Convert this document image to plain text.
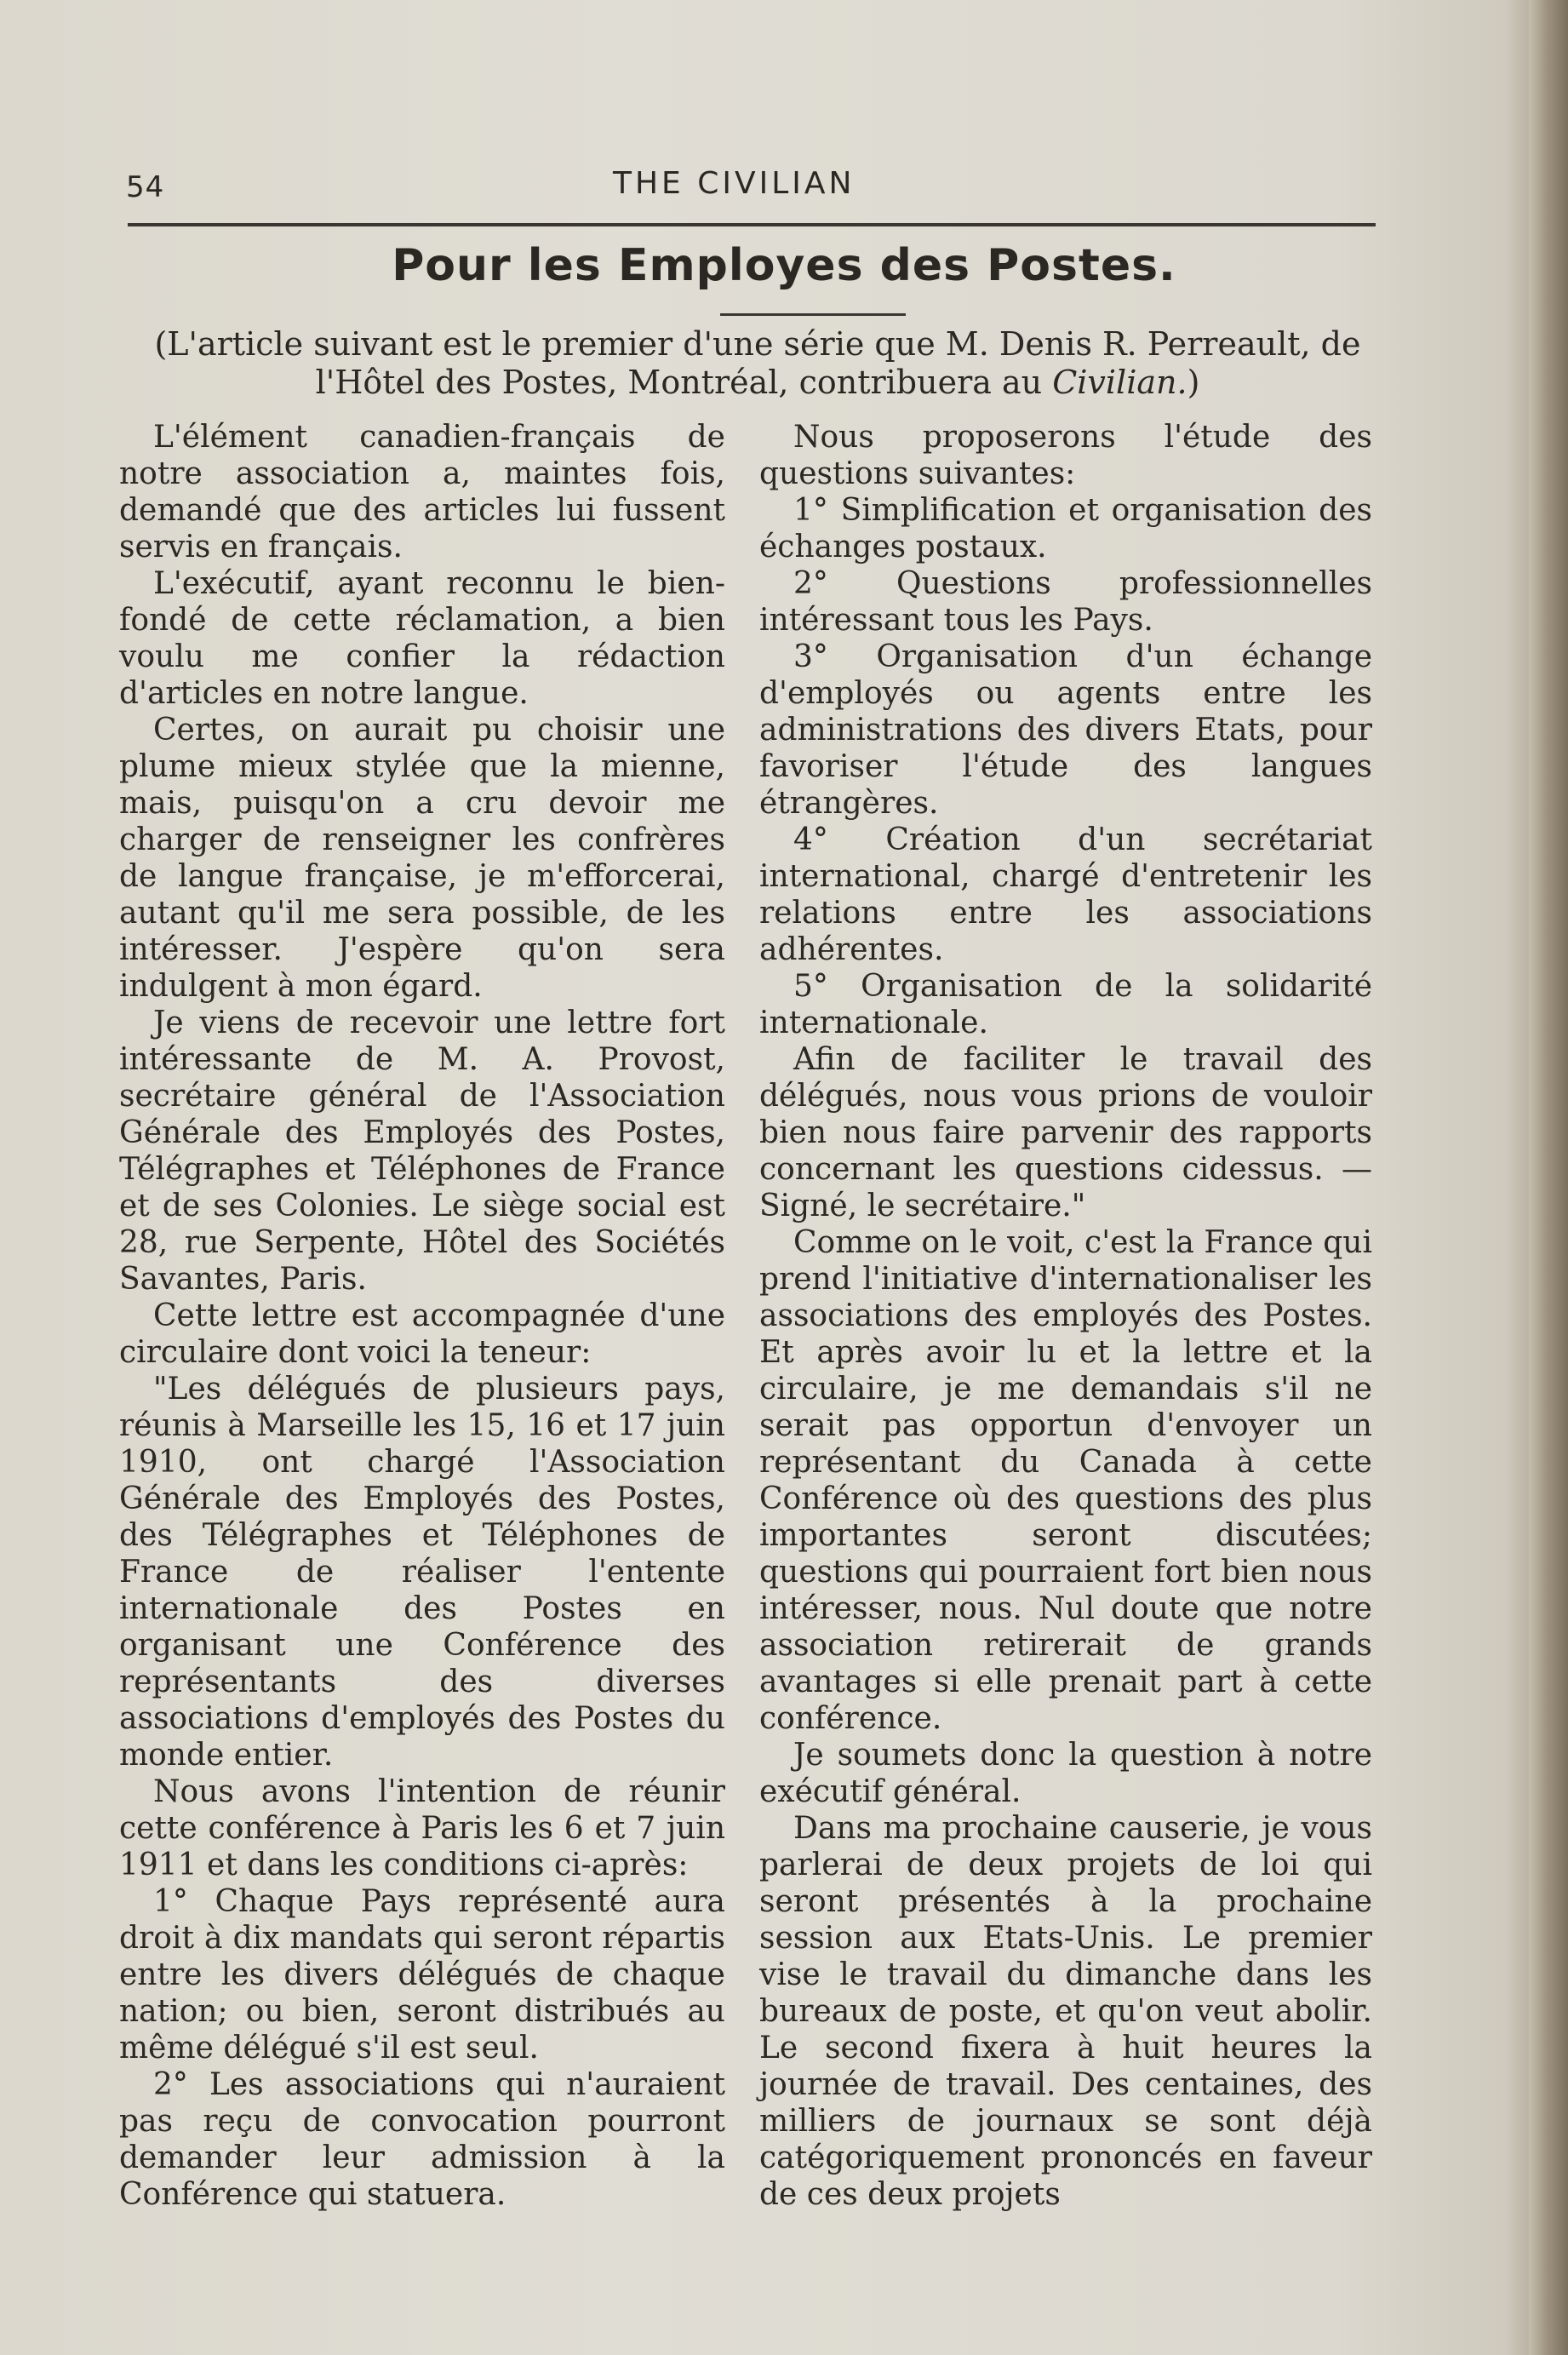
54	THE CIVILIAN
Pour les Employes des Postes.
(L'article suivant est le premier d'une série que M. Denis R. Perreault, de l'Hôtel des Postes, Montréal, contribuera au Civilian.)

L'élément canadien-français de notre association a, maintes fois, demandé que des articles lui fussent servis en français.

L'exécutif, ayant reconnu le bien-fondé de cette réclamation, a bien voulu me confier la rédaction d'articles en notre langue.

Certes, on aurait pu choisir une plume mieux stylée que la mienne, mais, puisqu'on a cru devoir me charger de renseigner les confrères de langue française, je m'efforcerai, autant qu'il me sera possible, de les intéresser. J'espère qu'on sera indulgent à mon égard.

Je viens de recevoir une lettre fort intéressante de M. A. Provost, secrétaire général de l'Association Générale des Employés des Postes, Télégraphes et Téléphones de France et de ses Colonies. Le siège social est 28, rue Serpente, Hôtel des Sociétés Savantes, Paris.

Cette lettre est accompagnée d'une circulaire dont voici la teneur:

"Les délégués de plusieurs pays, réunis à Marseille les 15, 16 et 17 juin 1910, ont chargé l'Association Générale des Employés des Postes, des Télégraphes et Téléphones de France de réaliser l'entente internationale des Postes en organisant une Conférence des représentants des diverses associations d'employés des Postes du monde entier.

Nous avons l'intention de réunir cette conférence à Paris les 6 et 7 juin 1911 et dans les conditions ci-après:

1° Chaque Pays représenté aura droit à dix mandats qui seront répartis entre les divers délégués de chaque nation; ou bien, seront distribués au même délégué s'il est seul.

2° Les associations qui n'auraient pas reçu de convocation pourront demander leur admission à la Conférence qui statuera.

Nous proposerons l'étude des questions suivantes:

1° Simplification et organisation des échanges postaux.

2° Questions professionnelles intéressant tous les Pays.

3° Organisation d'un échange d'employés ou agents entre les administrations des divers Etats, pour favoriser l'étude des langues étrangères.

4° Création d'un secrétariat international, chargé d'entretenir les relations entre les associations adhérentes.

5° Organisation de la solidarité internationale.

Afin de faciliter le travail des délégués, nous vous prions de vouloir bien nous faire parvenir des rapports concernant les questions cidessus. — Signé, le secrétaire."

Comme on le voit, c'est la France qui prend l'initiative d'internationaliser les associations des employés des Postes. Et après avoir lu et la lettre et la circulaire, je me demandais s'il ne serait pas opportun d'envoyer un représentant du Canada à cette Conférence où des questions des plus importantes seront discutées; questions qui pourraient fort bien nous intéresser, nous. Nul doute que notre association retirerait de grands avantages si elle prenait part à cette conférence.

Je soumets donc la question à notre exécutif général.

Dans ma prochaine causerie, je vous parlerai de deux projets de loi qui seront présentés à la prochaine session aux Etats-Unis. Le premier vise le travail du dimanche dans les bureaux de poste, et qu'on veut abolir. Le second fixera à huit heures la journée de travail. Des centaines, des milliers de journaux se sont déjà catégoriquement prononcés en faveur de ces deux projets
